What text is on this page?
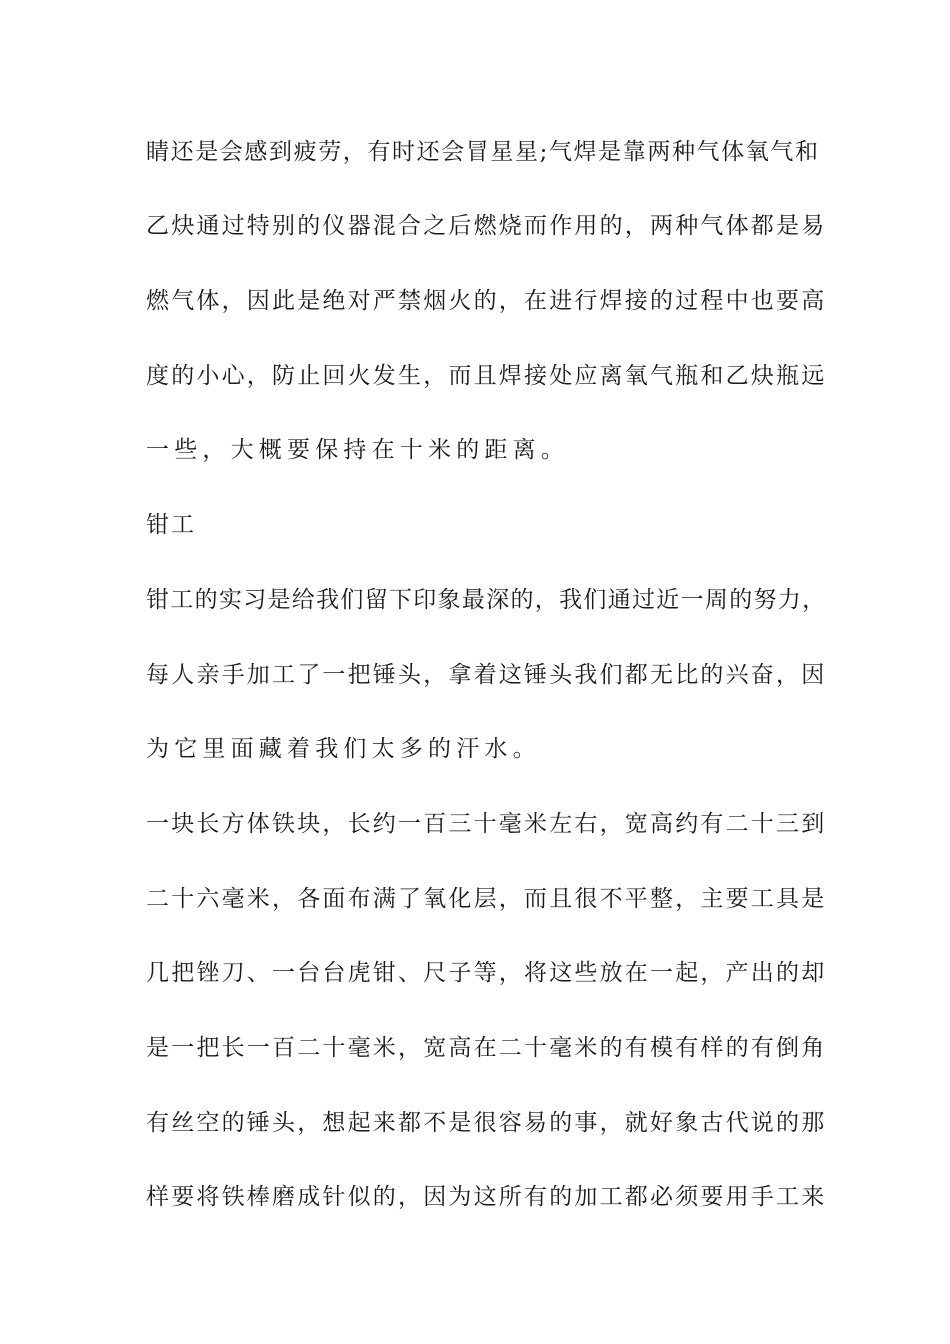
睛还是会感到疲劳，有时还会冒星星;气焊是靠两种气体氧气和
乙炔通过特别的仪器混合之后燃烧而作用的，两种气体都是易
燃气体，因此是绝对严禁烟火的，在进行焊接的过程中也要高
度的小心，防止回火发生，而且焊接处应离氧气瓶和乙炔瓶远
一些，大概要保持在十米的距离。
钳工
钳工的实习是给我们留下印象最深的，我们通过近一周的努力，
每人亲手加工了一把锤头，拿着这锤头我们都无比的兴奋，因
为它里面藏着我们太多的汗水。
一块长方体铁块，长约一百三十毫米左右，宽高约有二十三到
二十六毫米，各面布满了氧化层，而且很不平整，主要工具是
几把锉刀、一台台虎钳、尺子等，将这些放在一起，产出的却
是一把长一百二十毫米，宽高在二十毫米的有模有样的有倒角
有丝空的锤头，想起来都不是很容易的事，就好象古代说的那
样要将铁棒磨成针似的，因为这所有的加工都必须要用手工来
